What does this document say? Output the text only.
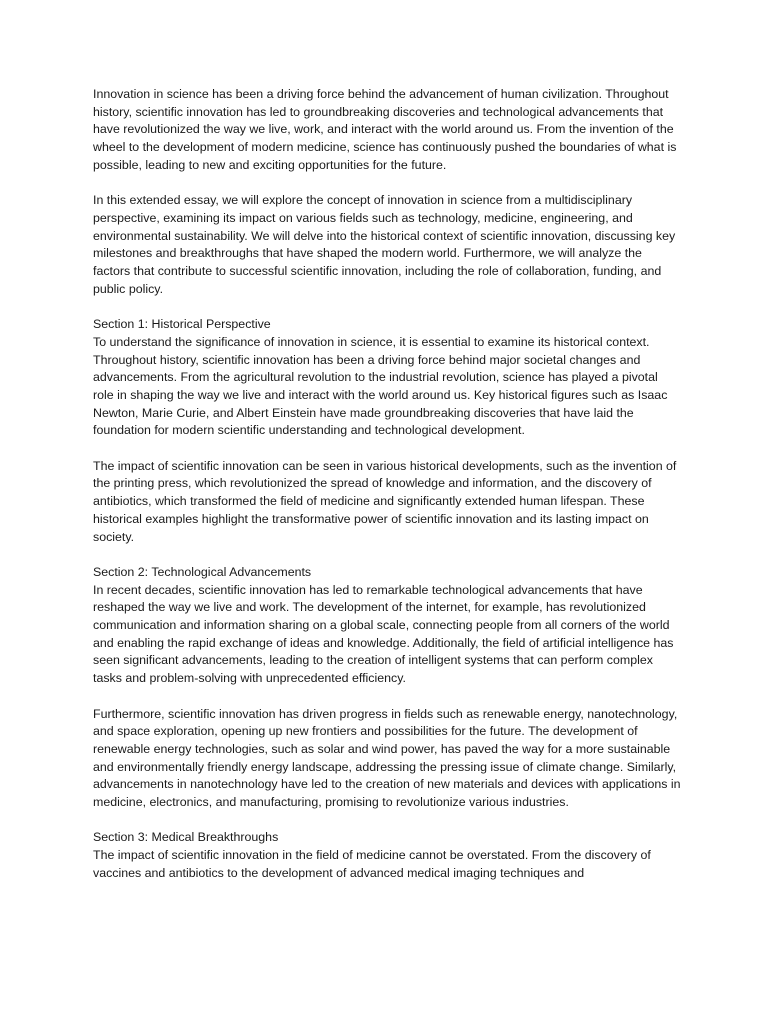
Innovation in science has been a driving force behind the advancement of human civilization. Throughout history, scientific innovation has led to groundbreaking discoveries and technological advancements that have revolutionized the way we live, work, and interact with the world around us. From the invention of the wheel to the development of modern medicine, science has continuously pushed the boundaries of what is possible, leading to new and exciting opportunities for the future.

In this extended essay, we will explore the concept of innovation in science from a multidisciplinary perspective, examining its impact on various fields such as technology, medicine, engineering, and environmental sustainability. We will delve into the historical context of scientific innovation, discussing key milestones and breakthroughs that have shaped the modern world. Furthermore, we will analyze the factors that contribute to successful scientific innovation, including the role of collaboration, funding, and public policy.

Section 1: Historical Perspective

To understand the significance of innovation in science, it is essential to examine its historical context. Throughout history, scientific innovation has been a driving force behind major societal changes and advancements. From the agricultural revolution to the industrial revolution, science has played a pivotal role in shaping the way we live and interact with the world around us. Key historical figures such as Isaac Newton, Marie Curie, and Albert Einstein have made groundbreaking discoveries that have laid the foundation for modern scientific understanding and technological development.

The impact of scientific innovation can be seen in various historical developments, such as the invention of the printing press, which revolutionized the spread of knowledge and information, and the discovery of antibiotics, which transformed the field of medicine and significantly extended human lifespan. These historical examples highlight the transformative power of scientific innovation and its lasting impact on society.

Section 2: Technological Advancements

In recent decades, scientific innovation has led to remarkable technological advancements that have reshaped the way we live and work. The development of the internet, for example, has revolutionized communication and information sharing on a global scale, connecting people from all corners of the world and enabling the rapid exchange of ideas and knowledge. Additionally, the field of artificial intelligence has seen significant advancements, leading to the creation of intelligent systems that can perform complex tasks and problem-solving with unprecedented efficiency.

Furthermore, scientific innovation has driven progress in fields such as renewable energy, nanotechnology, and space exploration, opening up new frontiers and possibilities for the future. The development of renewable energy technologies, such as solar and wind power, has paved the way for a more sustainable and environmentally friendly energy landscape, addressing the pressing issue of climate change. Similarly, advancements in nanotechnology have led to the creation of new materials and devices with applications in medicine, electronics, and manufacturing, promising to revolutionize various industries.

Section 3: Medical Breakthroughs

The impact of scientific innovation in the field of medicine cannot be overstated. From the discovery of vaccines and antibiotics to the development of advanced medical imaging techniques and
